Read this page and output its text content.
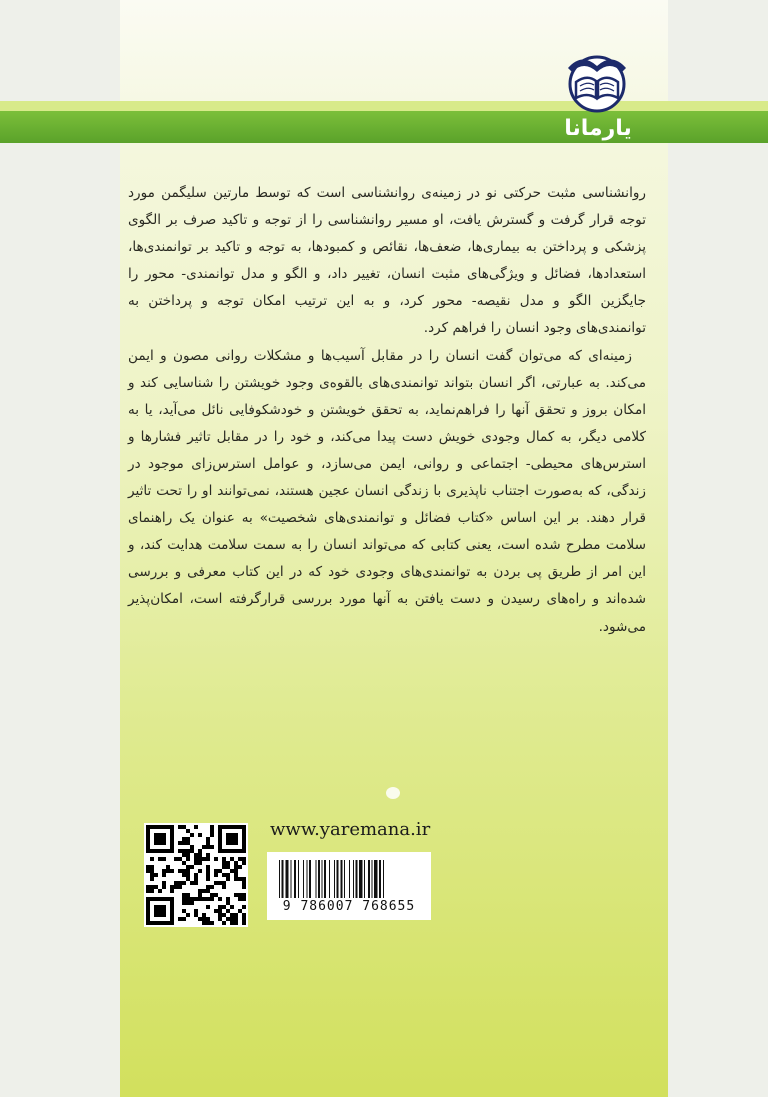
یارمانا

روانشناسی مثبت حرکتی نو در زمینه‌ی روانشناسی است که توسط مارتین سلیگمن مورد توجه قرار گرفت و گسترش یافت، او مسیر روانشناسی را از توجه و تاکید صرف بر الگوی پزشکی و پرداختن به بیماری‌ها، ضعف‌ها، نقائص و کمبودها، به توجه و تاکید بر توانمندی‌ها، استعدادها، فضائل و ویژگی‌های مثبت انسان، تغییر داد، و الگو و مدل توانمندی- محور را جایگزین الگو و مدل نقیصه- محور کرد، و به این ترتیب امکان توجه و پرداختن به توانمندی‌های وجود انسان را فراهم کرد.

زمینه‌ای که می‌توان گفت انسان را در مقابل آسیب‌ها و مشکلات روانی مصون و ایمن می‌کند. به عبارتی، اگر انسان بتواند توانمندی‌های بالقوه‌ی وجود خویشتن را شناسایی کند و امکان بروز و تحقق آنها را فراهم‌نماید، به تحقق خویشتن و خودشکوفایی نائل می‌آید، یا به کلامی دیگر، به کمال وجودی خویش دست پیدا می‌کند، و خود را در مقابل تاثیر فشارها و استرس‌های محیطی- اجتماعی و روانی، ایمن می‌سازد، و عوامل استرس‌زای موجود در زندگی، که به‌صورت اجتناب ناپذیری با زندگی انسان عجین هستند، نمی‌توانند او را تحت تاثیر قرار دهند. بر این اساس «کتاب فضائل و توانمندی‌های شخصیت» به عنوان یک راهنمای سلامت مطرح شده است، یعنی کتابی که می‌تواند انسان را به سمت سلامت هدایت کند، و این امر از طریق پی بردن به توانمندی‌های وجودی خود که در این کتاب معرفی و بررسی شده‌اند و راه‌های رسیدن و دست یافتن به آنها مورد بررسی قرارگرفته است، امکان‌پذیر می‌شود.

www.yaremana.ir
9 786007 768655
